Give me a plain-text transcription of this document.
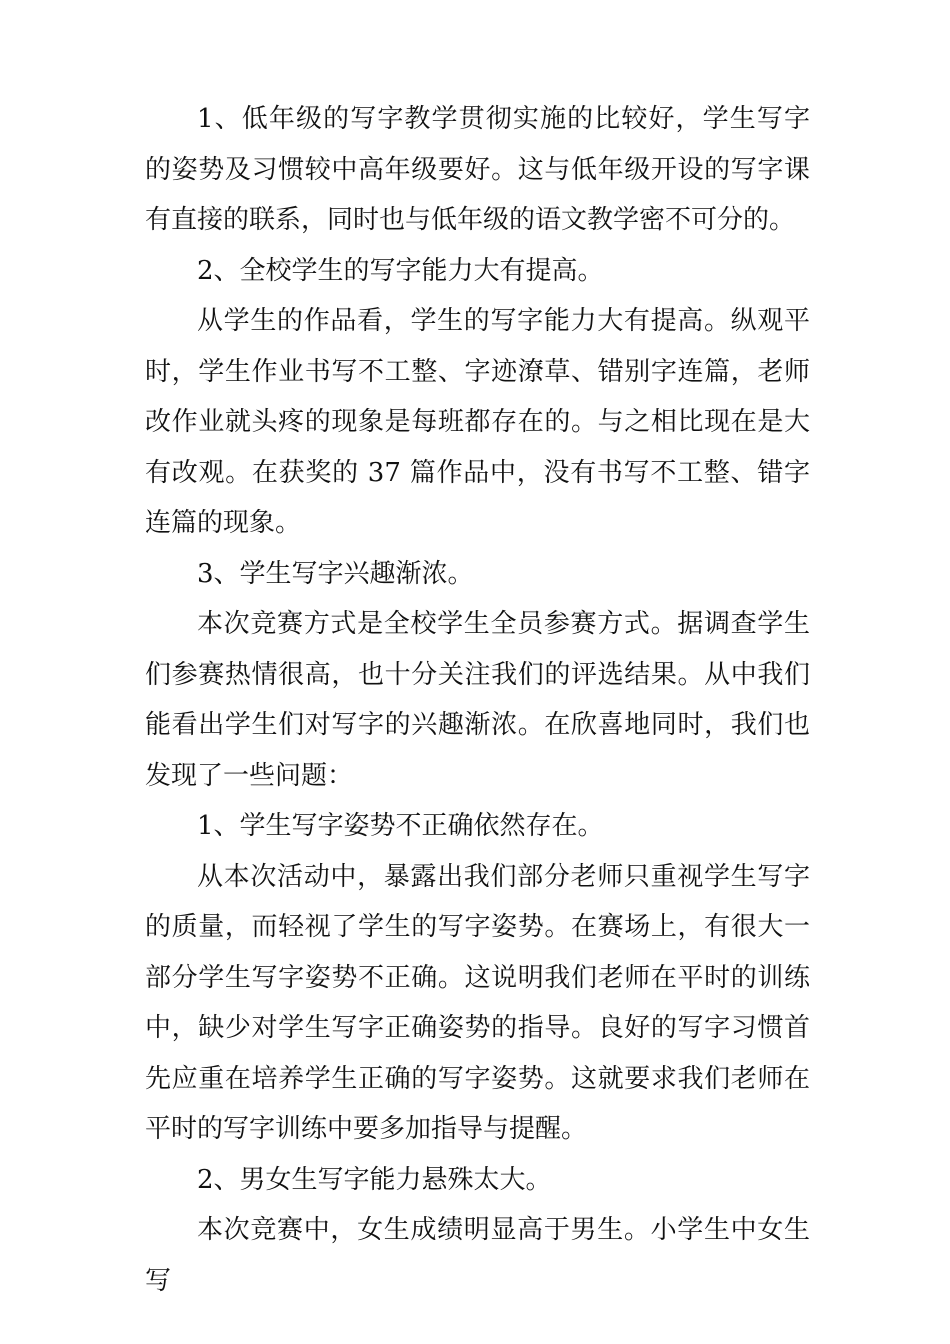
1、低年级的写字教学贯彻实施的比较好，学生写字的姿势及习惯较中高年级要好。这与低年级开设的写字课有直接的联系，同时也与低年级的语文教学密不可分的。

2、全校学生的写字能力大有提高。

从学生的作品看，学生的写字能力大有提高。纵观平时，学生作业书写不工整、字迹潦草、错别字连篇，老师改作业就头疼的现象是每班都存在的。与之相比现在是大有改观。在获奖的 37 篇作品中，没有书写不工整、错字连篇的现象。

3、学生写字兴趣渐浓。

本次竞赛方式是全校学生全员参赛方式。据调查学生们参赛热情很高，也十分关注我们的评选结果。从中我们能看出学生们对写字的兴趣渐浓。在欣喜地同时，我们也发现了一些问题：

1、学生写字姿势不正确依然存在。

从本次活动中，暴露出我们部分老师只重视学生写字的质量，而轻视了学生的写字姿势。在赛场上，有很大一部分学生写字姿势不正确。这说明我们老师在平时的训练中，缺少对学生写字正确姿势的指导。良好的写字习惯首先应重在培养学生正确的写字姿势。这就要求我们老师在平时的写字训练中要多加指导与提醒。

2、男女生写字能力悬殊太大。

本次竞赛中，女生成绩明显高于男生。小学生中女生写
